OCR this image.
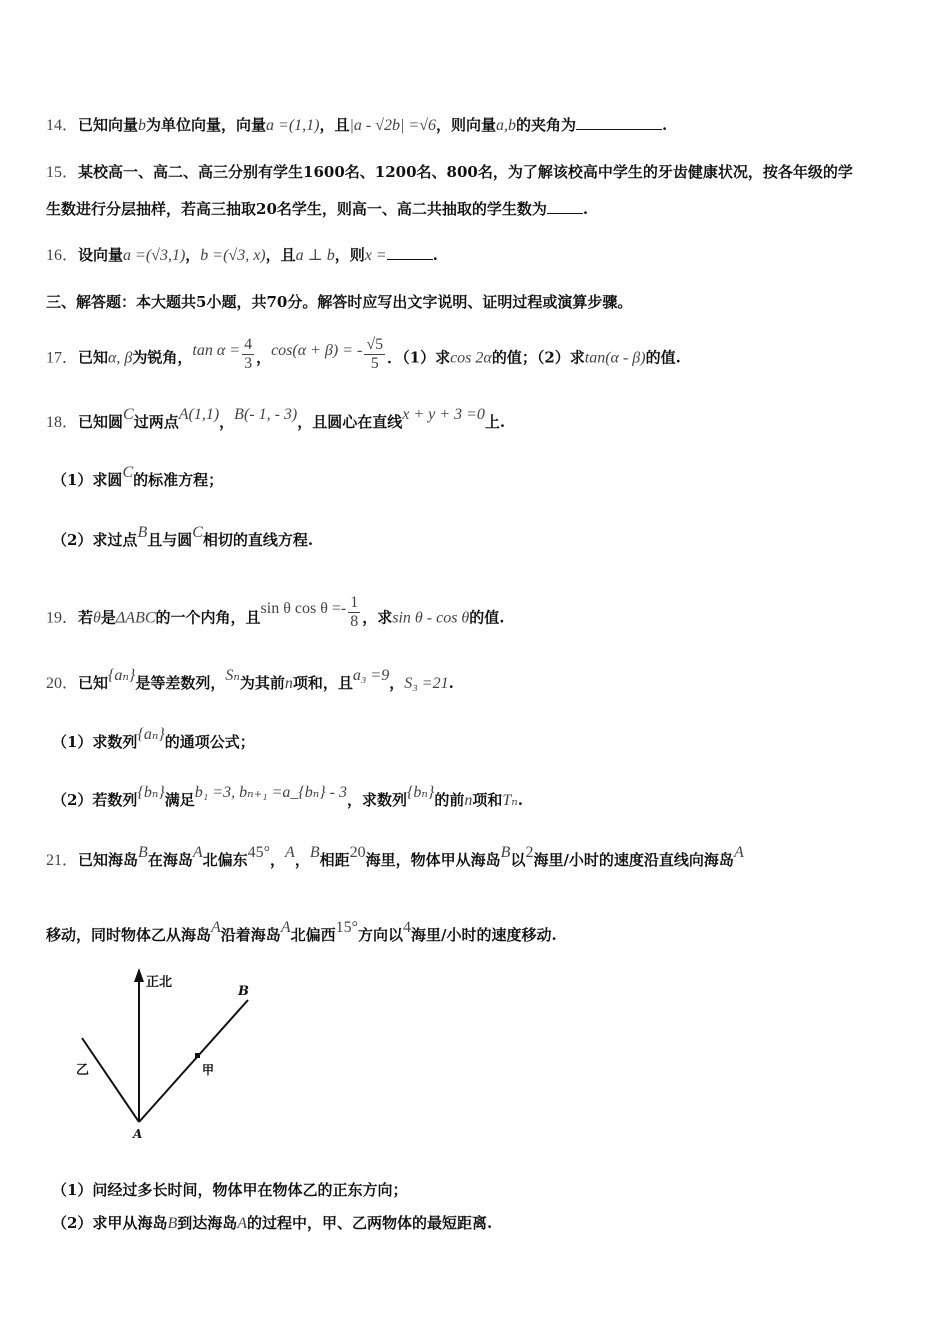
14．已知向量b为单位向量，向量a =(1,1)，且|a - √2b| =√6，则向量a,b的夹角为	.
15．某校高一、高二、高三分别有学生1600名、1200名、800名，为了解该校高中学生的牙齿健康状况，按各年级的学
生数进行分层抽样，若高三抽取20名学生，则高一、高二共抽取的学生数为 .
16．设向量a =(√3,1)，b =(√3, x)，且a ⊥ b，则x =	.
三、解答题：本大题共5小题，共70分。解答时应写出文字说明、证明过程或演算步骤。
17．已知α, β为锐角，$\tan \alpha = \frac{4}{3}$ ，cos(α + β) = - $\frac{√5}{5}$ ．（1）求cos 2α的值；（2）求tan(α - β)的值.
18．已知圆C过两点A(1,1)，B(- 1, - 3)，且圆心在直线x + y + 3 =0上.
（1）求圆C的标准方程；
（2）求过点B且与圆C相切的直线方程.
19．若θ是ΔABC的一个内角，且sin θ $\cos \theta =- \frac{1}{8}$ ，求sin θ - cos θ的值.
20．已知{aₙ}是等差数列，Sₙ为其前n项和，且a₃ =9，S₃ =21.
（1）求数列{aₙ}的通项公式；
（2）若数列{bₙ}满足b₁ =3, bₙ₊₁ =a_{bₙ} - 3，求数列{bₙ}的前n项和Tₙ.
21．已知海岛B在海岛A北偏东45°，A，B相距20海里，物体甲从海岛B以2海里/小时的速度沿直线向海岛A
移动，同时物体乙从海岛A沿着海岛A北偏西15°方向以4海里/小时的速度移动.
正北
B
A
乙	甲
（1）问经过多长时间，物体甲在物体乙的正东方向；
（2）求甲从海岛B到达海岛A的过程中，甲、乙两物体的最短距离.
